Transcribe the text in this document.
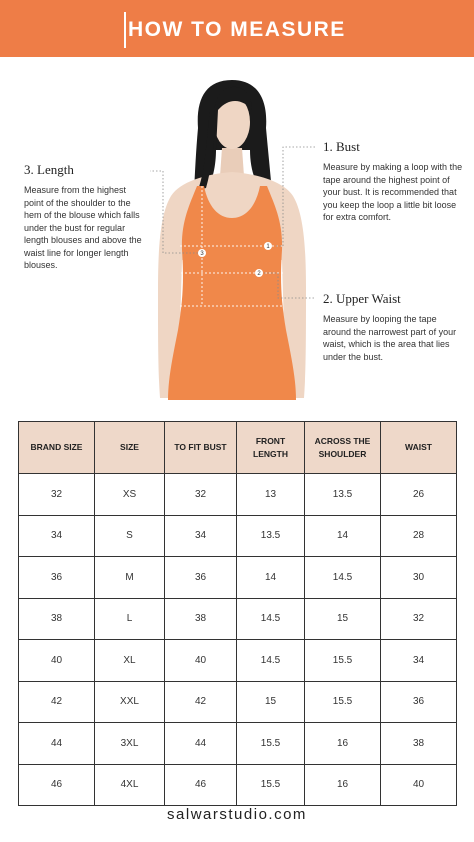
HOW TO MEASURE
1
2
3
3. Length
Measure from the highest point of the shoulder to the hem of the blouse which falls under the bust for regular length blouses and above the waist line for longer length blouses.
1. Bust
Measure by making a loop with the tape around the highest point of your bust. It is recommended that you keep the loop a little bit loose for extra comfort.
2. Upper Waist
Measure by looping the tape around the narrowest part of your waist, which is the area that lies under the bust.
BRAND SIZE	SIZE	TO FIT BUST	FRONT LENGTH	ACROSS THE SHOULDER	WAIST
32	XS	32	13	13.5	26
34	S	34	13.5	14	28
36	M	36	14	14.5	30
38	L	38	14.5	15	32
40	XL	40	14.5	15.5	34
42	XXL	42	15	15.5	36
44	3XL	44	15.5	16	38
46	4XL	46	15.5	16	40
salwarstudio.com
